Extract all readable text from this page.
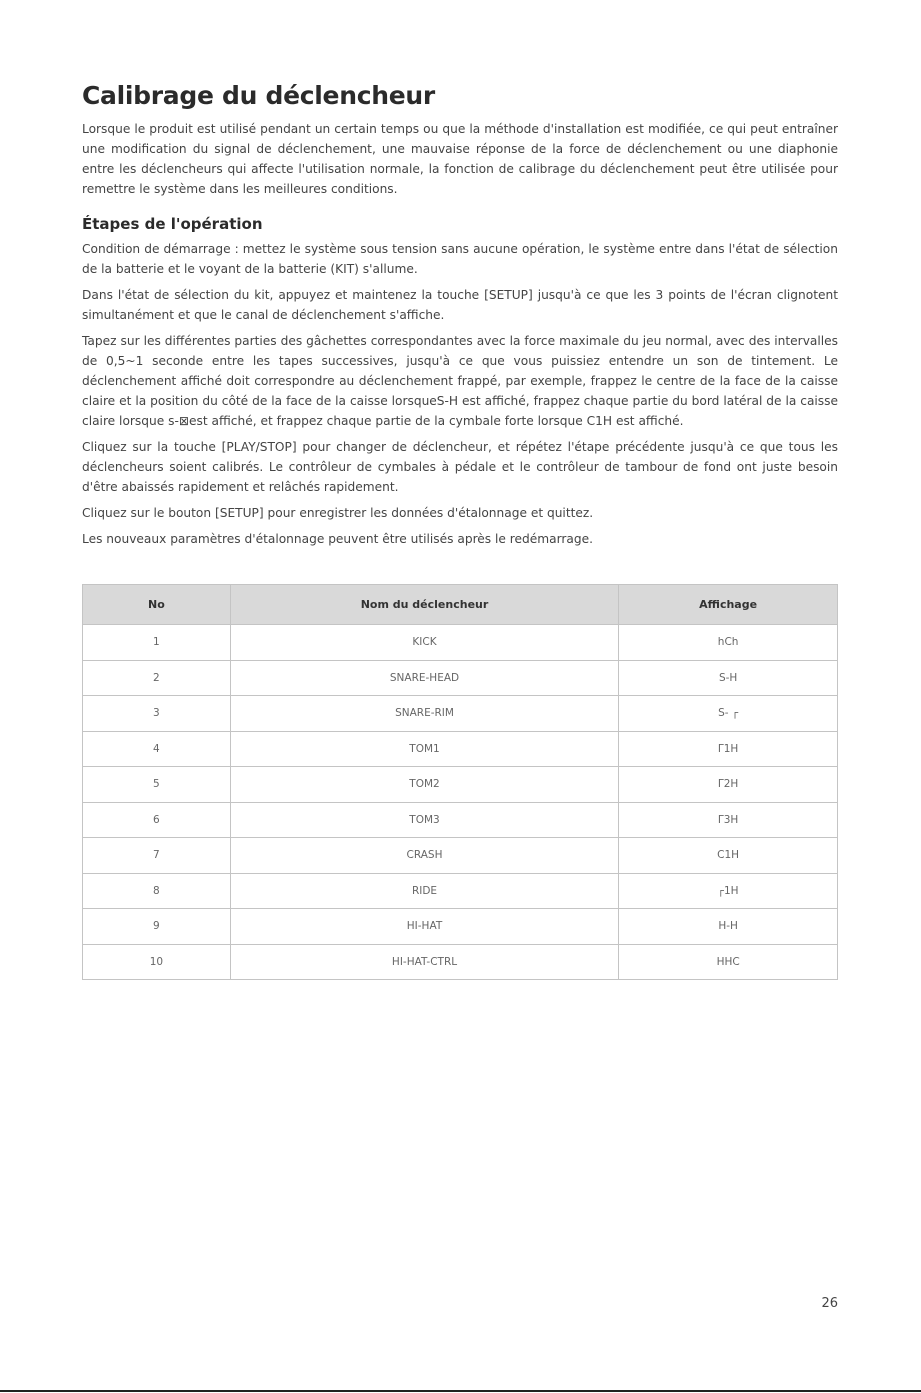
Calibrage du déclencheur

Lorsque le produit est utilisé pendant un certain temps ou que la méthode d'installation est modifiée, ce qui peut entraîner une modification du signal de déclenchement, une mauvaise réponse de la force de déclenchement ou une diaphonie entre les déclencheurs qui affecte l'utilisation normale, la fonction de calibrage du déclenchement peut être utilisée pour remettre le système dans les meilleures conditions.

Étapes de l'opération

Condition de démarrage : mettez le système sous tension sans aucune opération, le système entre dans l'état de sélection de la batterie et le voyant de la batterie (KIT) s'allume.

Dans l'état de sélection du kit, appuyez et maintenez la touche [SETUP] jusqu'à ce que les 3 points de l'écran clignotent simultanément et que le canal de déclenchement s'affiche.

Tapez sur les différentes parties des gâchettes correspondantes avec la force maximale du jeu normal, avec des intervalles de 0,5~1 seconde entre les tapes successives, jusqu'à ce que vous puissiez entendre un son de tintement. Le déclenchement affiché doit correspondre au déclenchement frappé, par exemple, frappez le centre de la face de la caisse claire et la position du côté de la face de la caisse lorsqueS-H est affiché, frappez chaque partie du bord latéral de la caisse claire lorsque s-⊠est affiché, et frappez chaque partie de la cymbale forte lorsque C1H est affiché.

Cliquez sur la touche [PLAY/STOP] pour changer de déclencheur, et répétez l'étape précédente jusqu'à ce que tous les déclencheurs soient calibrés. Le contrôleur de cymbales à pédale et le contrôleur de tambour de fond ont juste besoin d'être abaissés rapidement et relâchés rapidement.

Cliquez sur le bouton [SETUP] pour enregistrer les données d'étalonnage et quittez.

Les nouveaux paramètres d'étalonnage peuvent être utilisés après le redémarrage.

No	Nom du déclencheur	Affichage
1	KICK	hCh
2	SNARE-HEAD	S-H
3	SNARE-RIM	S- ┌
4	TOM1	Γ1H
5	TOM2	Γ2H
6	TOM3	Γ3H
7	CRASH	C1H
8	RIDE	┌1H
9	HI-HAT	H-H
10	HI-HAT-CTRL	HHC
26
